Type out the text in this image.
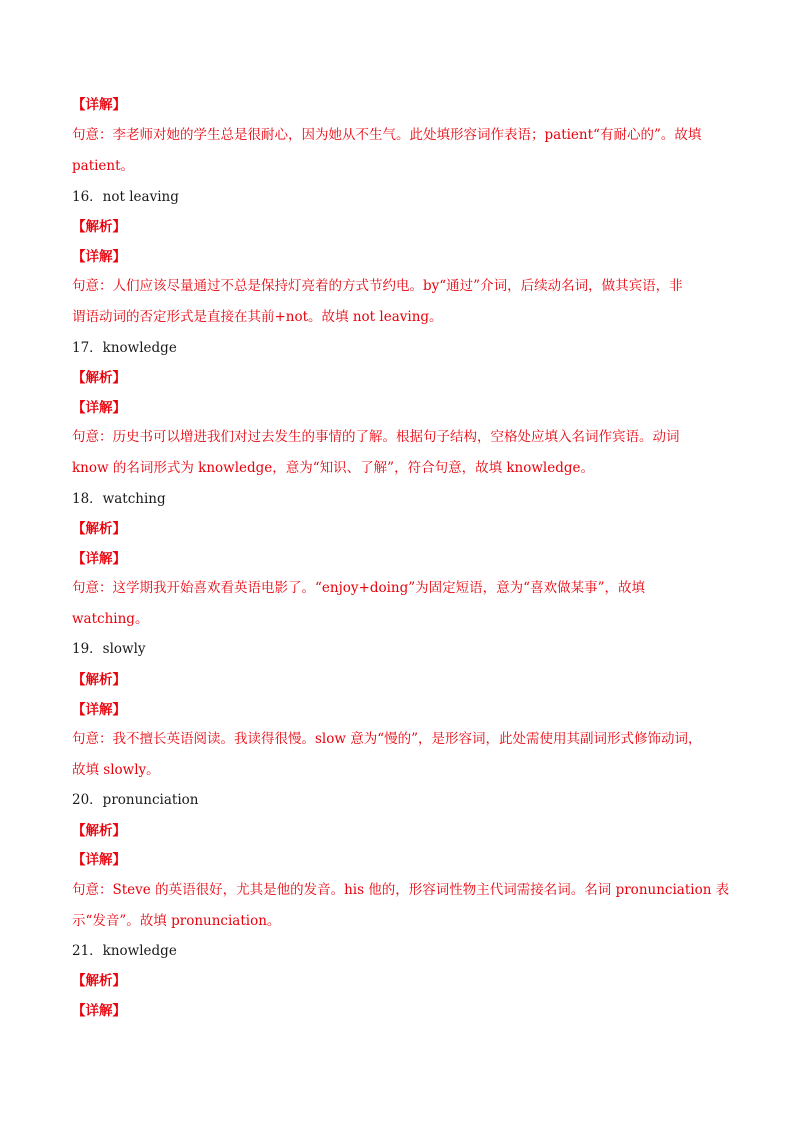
【详解】
句意：李老师对她的学生总是很耐心，因为她从不生气。此处填形容词作表语；patient“有耐心的”。故填
patient。
16．not leaving
【解析】
【详解】
句意：人们应该尽量通过不总是保持灯亮着的方式节约电。by“通过”介词，后续动名词，做其宾语，非
谓语动词的否定形式是直接在其前+not。故填 not leaving。
17．knowledge
【解析】
【详解】
句意：历史书可以增进我们对过去发生的事情的了解。根据句子结构，空格处应填入名词作宾语。动词
know 的名词形式为 knowledge，意为“知识、了解”，符合句意，故填 knowledge。
18．watching
【解析】
【详解】
句意：这学期我开始喜欢看英语电影了。“enjoy+doing”为固定短语，意为“喜欢做某事”，故填
watching。
19．slowly
【解析】
【详解】
句意：我不擅长英语阅读。我读得很慢。slow 意为“慢的”，是形容词，此处需使用其副词形式修饰动词，
故填 slowly。
20．pronunciation
【解析】
【详解】
句意：Steve 的英语很好，尤其是他的发音。his 他的，形容词性物主代词需接名词。名词 pronunciation 表
示“发音”。故填 pronunciation。
21．knowledge
【解析】
【详解】
